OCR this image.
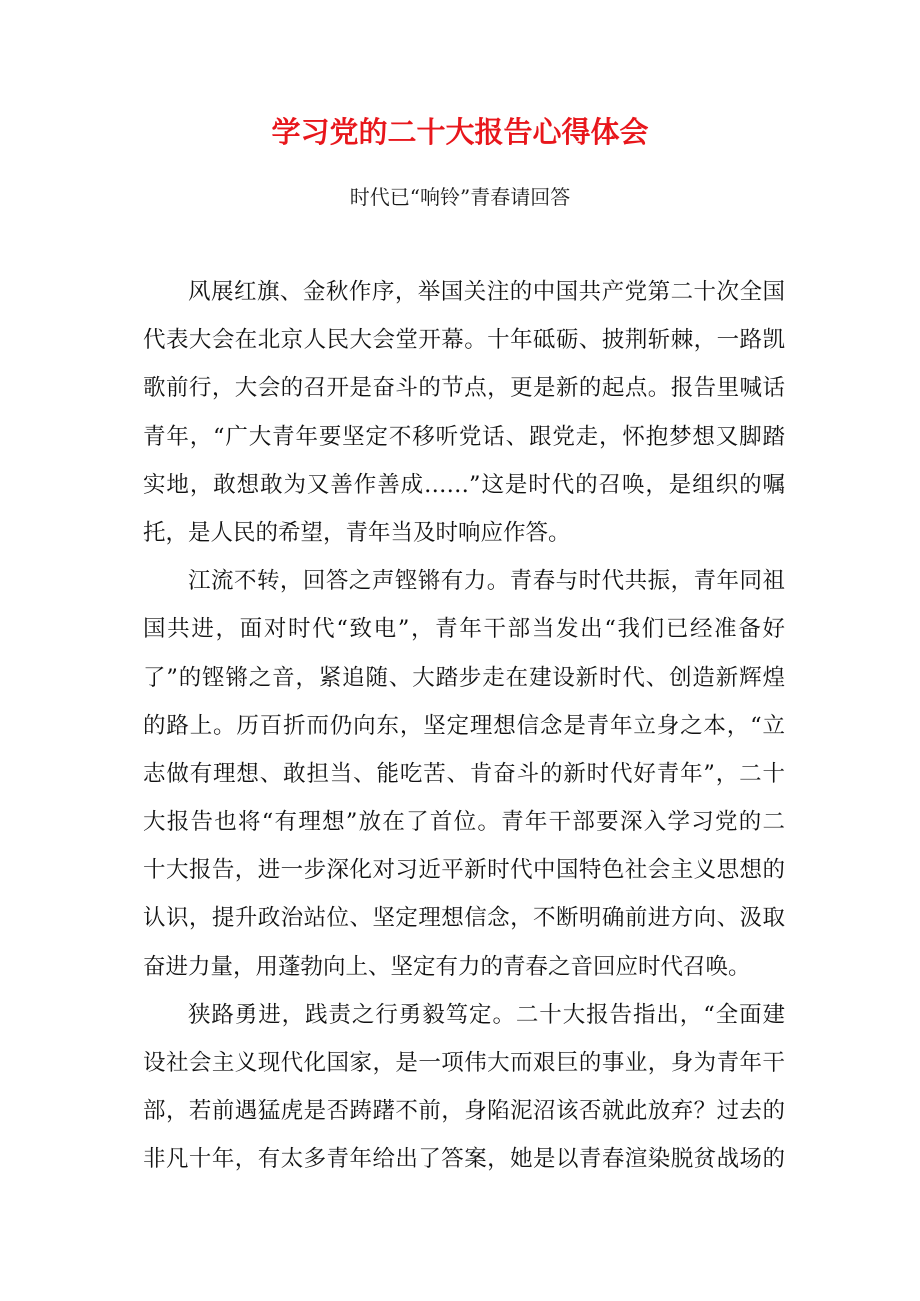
学习党的二十大报告心得体会
时代已“响铃”青春请回答
风展红旗、金秋作序，举国关注的中国共产党第二十次全国
代表大会在北京人民大会堂开幕。十年砥砺、披荆斩棘，一路凯
歌前行，大会的召开是奋斗的节点，更是新的起点。报告里喊话
青年，“广大青年要坚定不移听党话、跟党走，怀抱梦想又脚踏
实地，敢想敢为又善作善成……”这是时代的召唤，是组织的嘱
托，是人民的希望，青年当及时响应作答。
江流不转，回答之声铿锵有力。青春与时代共振，青年同祖
国共进，面对时代“致电”，青年干部当发出“我们已经准备好
了”的铿锵之音，紧追随、大踏步走在建设新时代、创造新辉煌
的路上。历百折而仍向东，坚定理想信念是青年立身之本，“立
志做有理想、敢担当、能吃苦、肯奋斗的新时代好青年”，二十
大报告也将“有理想”放在了首位。青年干部要深入学习党的二
十大报告，进一步深化对习近平新时代中国特色社会主义思想的
认识，提升政治站位、坚定理想信念，不断明确前进方向、汲取
奋进力量，用蓬勃向上、坚定有力的青春之音回应时代召唤。
狭路勇进，践责之行勇毅笃定。二十大报告指出，“全面建
设社会主义现代化国家，是一项伟大而艰巨的事业，身为青年干
部，若前遇猛虎是否踌躇不前，身陷泥沼该否就此放弃？过去的
非凡十年，有太多青年给出了答案，她是以青春渲染脱贫战场的
